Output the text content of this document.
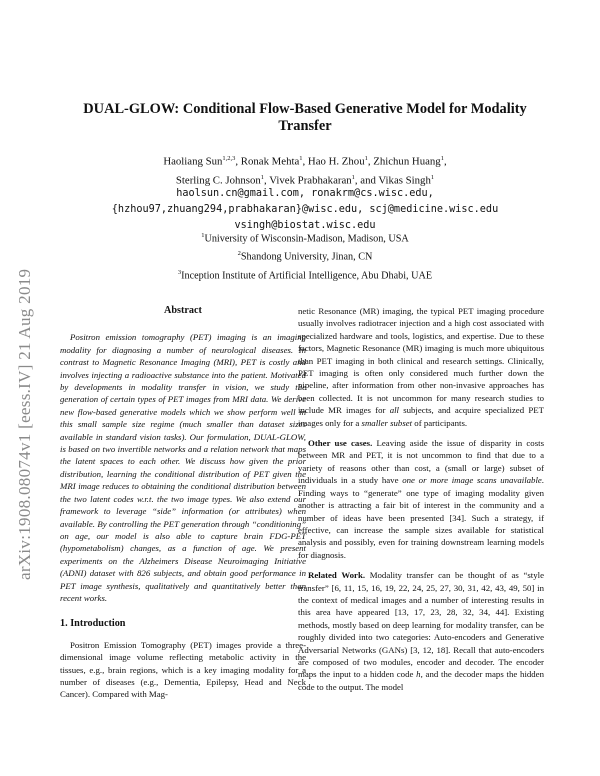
arXiv:1908.08074v1 [eess.IV] 21 Aug 2019
DUAL-GLOW: Conditional Flow-Based Generative Model for Modality Transfer
Haoliang Sun$^{1,2,3}$, Ronak Mehta$^1$, Hao H. Zhou$^1$, Zhichun Huang$^1$,
Sterling C. Johnson$^1$, Vivek Prabhakaran$^1$, and Vikas Singh$^1$
haolsun.cn@gmail.com, ronakrm@cs.wisc.edu,
{hzhou97,zhuang294,prabhakaran}@wisc.edu, scj@medicine.wisc.edu
vsingh@biostat.wisc.edu
$^1$University of Wisconsin-Madison, Madison, USA
$^2$Shandong University, Jinan, CN
$^3$Inception Institute of Artificial Intelligence, Abu Dhabi, UAE
Abstract

Positron emission tomography (PET) imaging is an imaging modality for diagnosing a number of neurological diseases. In contrast to Magnetic Resonance Imaging (MRI), PET is costly and involves injecting a radioactive substance into the patient. Motivated by developments in modality transfer in vision, we study the generation of certain types of PET images from MRI data. We derive new flow-based generative models which we show perform well in this small sample size regime (much smaller than dataset sizes available in standard vision tasks). Our formulation, DUAL-GLOW, is based on two invertible networks and a relation network that maps the latent spaces to each other. We discuss how given the prior distribution, learning the conditional distribution of PET given the MRI image reduces to obtaining the conditional distribution between the two latent codes w.r.t. the two image types. We also extend our framework to leverage “side” information (or attributes) when available. By controlling the PET generation through “conditioning” on age, our model is also able to capture brain FDG-PET (hypometabolism) changes, as a function of age. We present experiments on the Alzheimers Disease Neuroimaging Initiative (ADNI) dataset with 826 subjects, and obtain good performance in PET image synthesis, qualitatively and quantitatively better than recent works.

1. Introduction

Positron Emission Tomography (PET) images provide a three-dimensional image volume reflecting metabolic activity in the tissues, e.g., brain regions, which is a key imaging modality for a number of diseases (e.g., Dementia, Epilepsy, Head and Neck Cancer). Compared with Mag-

netic Resonance (MR) imaging, the typical PET imaging procedure usually involves radiotracer injection and a high cost associated with specialized hardware and tools, logistics, and expertise. Due to these factors, Magnetic Resonance (MR) imaging is much more ubiquitous than PET imaging in both clinical and research settings. Clinically, PET imaging is often only considered much further down the pipeline, after information from other non-invasive approaches has been collected. It is not uncommon for many research studies to include MR images for all subjects, and acquire specialized PET images only for a smaller subset of participants.

Other use cases. Leaving aside the issue of disparity in costs between MR and PET, it is not uncommon to find that due to a variety of reasons other than cost, a (small or large) subset of individuals in a study have one or more image scans unavailable. Finding ways to “generate” one type of imaging modality given another is attracting a fair bit of interest in the community and a number of ideas have been presented [34]. Such a strategy, if effective, can increase the sample sizes available for statistical analysis and possibly, even for training downstream learning models for diagnosis.

Related Work. Modality transfer can be thought of as “style transfer” [6, 11, 15, 16, 19, 22, 24, 25, 27, 30, 31, 42, 43, 49, 50] in the context of medical images and a number of interesting results in this area have appeared [13, 17, 23, 28, 32, 34, 44]. Existing methods, mostly based on deep learning for modality transfer, can be roughly divided into two categories: Auto-encoders and Generative Adversarial Networks (GANs) [3, 12, 18]. Recall that auto-encoders are composed of two modules, encoder and decoder. The encoder maps the input to a hidden code h, and the decoder maps the hidden code to the output. The model
